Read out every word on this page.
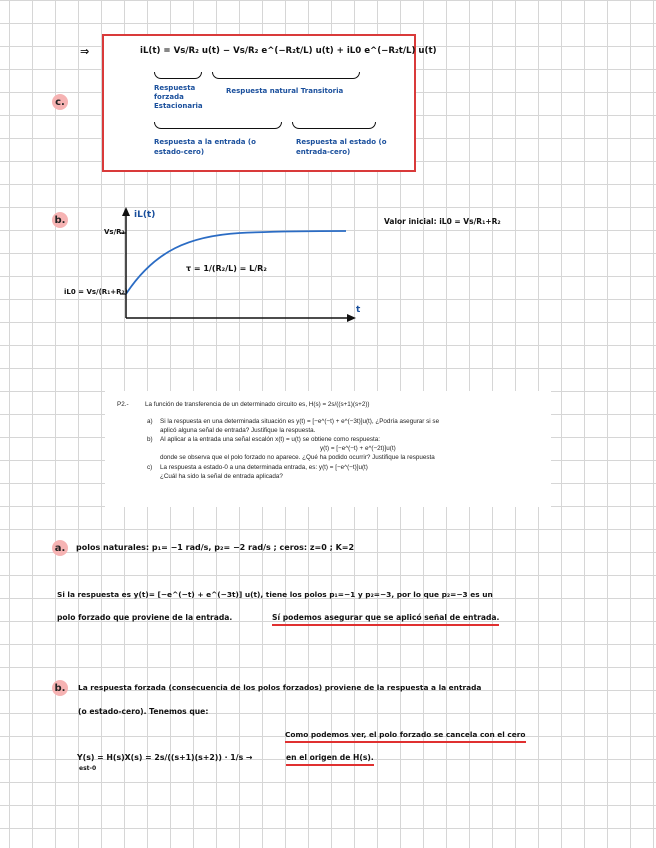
c.
⇒	iL(t) = Vs/R₂ u(t) − Vs/R₂ e^(−R₂t/L) u(t) + iL0 e^(−R₂t/L) u(t)
Respuesta forzada Estacionaria
Respuesta natural Transitoria
Respuesta a la entrada (o estado-cero)
Respuesta al estado (o entrada-cero)
b.	iL(t)
t
Vs/R₂
iL0 = Vs/(R₁+R₂)
τ = 1/(R₂/L) = L/R₂
Valor inicial: iL0 = Vs/R₁+R₂
P2.-	La función de transferencia de un determinado circuito es, H(s) = 2s/((s+1)(s+2))
a) Si la respuesta en una determinada situación es y(t) = [−e^(−t) + e^(−3t)]u(t), ¿Podría asegurar si se
aplicó alguna señal de entrada? Justifique la respuesta.
b) Al aplicar a la entrada una señal escalón x(t) = u(t) se obtiene como respuesta:
y(t) = [−e^(−t) + e^(−2t)]u(t)
donde se observa que el polo forzado no aparece. ¿Qué ha podido ocurrir? Justifique la respuesta
c) La respuesta a estado-0 a una determinada entrada, es: y(t) = [−e^(−t)]u(t)
¿Cuál ha sido la señal de entrada aplicada?
a.	polos naturales: p₁= −1 rad/s, p₂= −2 rad/s ; ceros: z=0 ; K=2
Si la respuesta es y(t)= [−e^(−t) + e^(−3t)] u(t), tiene los polos p₁=−1 y p₂=−3, por lo que p₂=−3 es un
polo forzado que proviene de la entrada.	Sí podemos asegurar que se aplicó señal de entrada.
b.	La respuesta forzada (consecuencia de los polos forzados) proviene de la respuesta a la entrada
(o estado-cero). Tenemos que:
Como podemos ver, el polo forzado se cancela con el cero
Y(s) = H(s)X(s) = 2s/((s+1)(s+2)) · 1/s →
est-0
en el origen de H(s).
